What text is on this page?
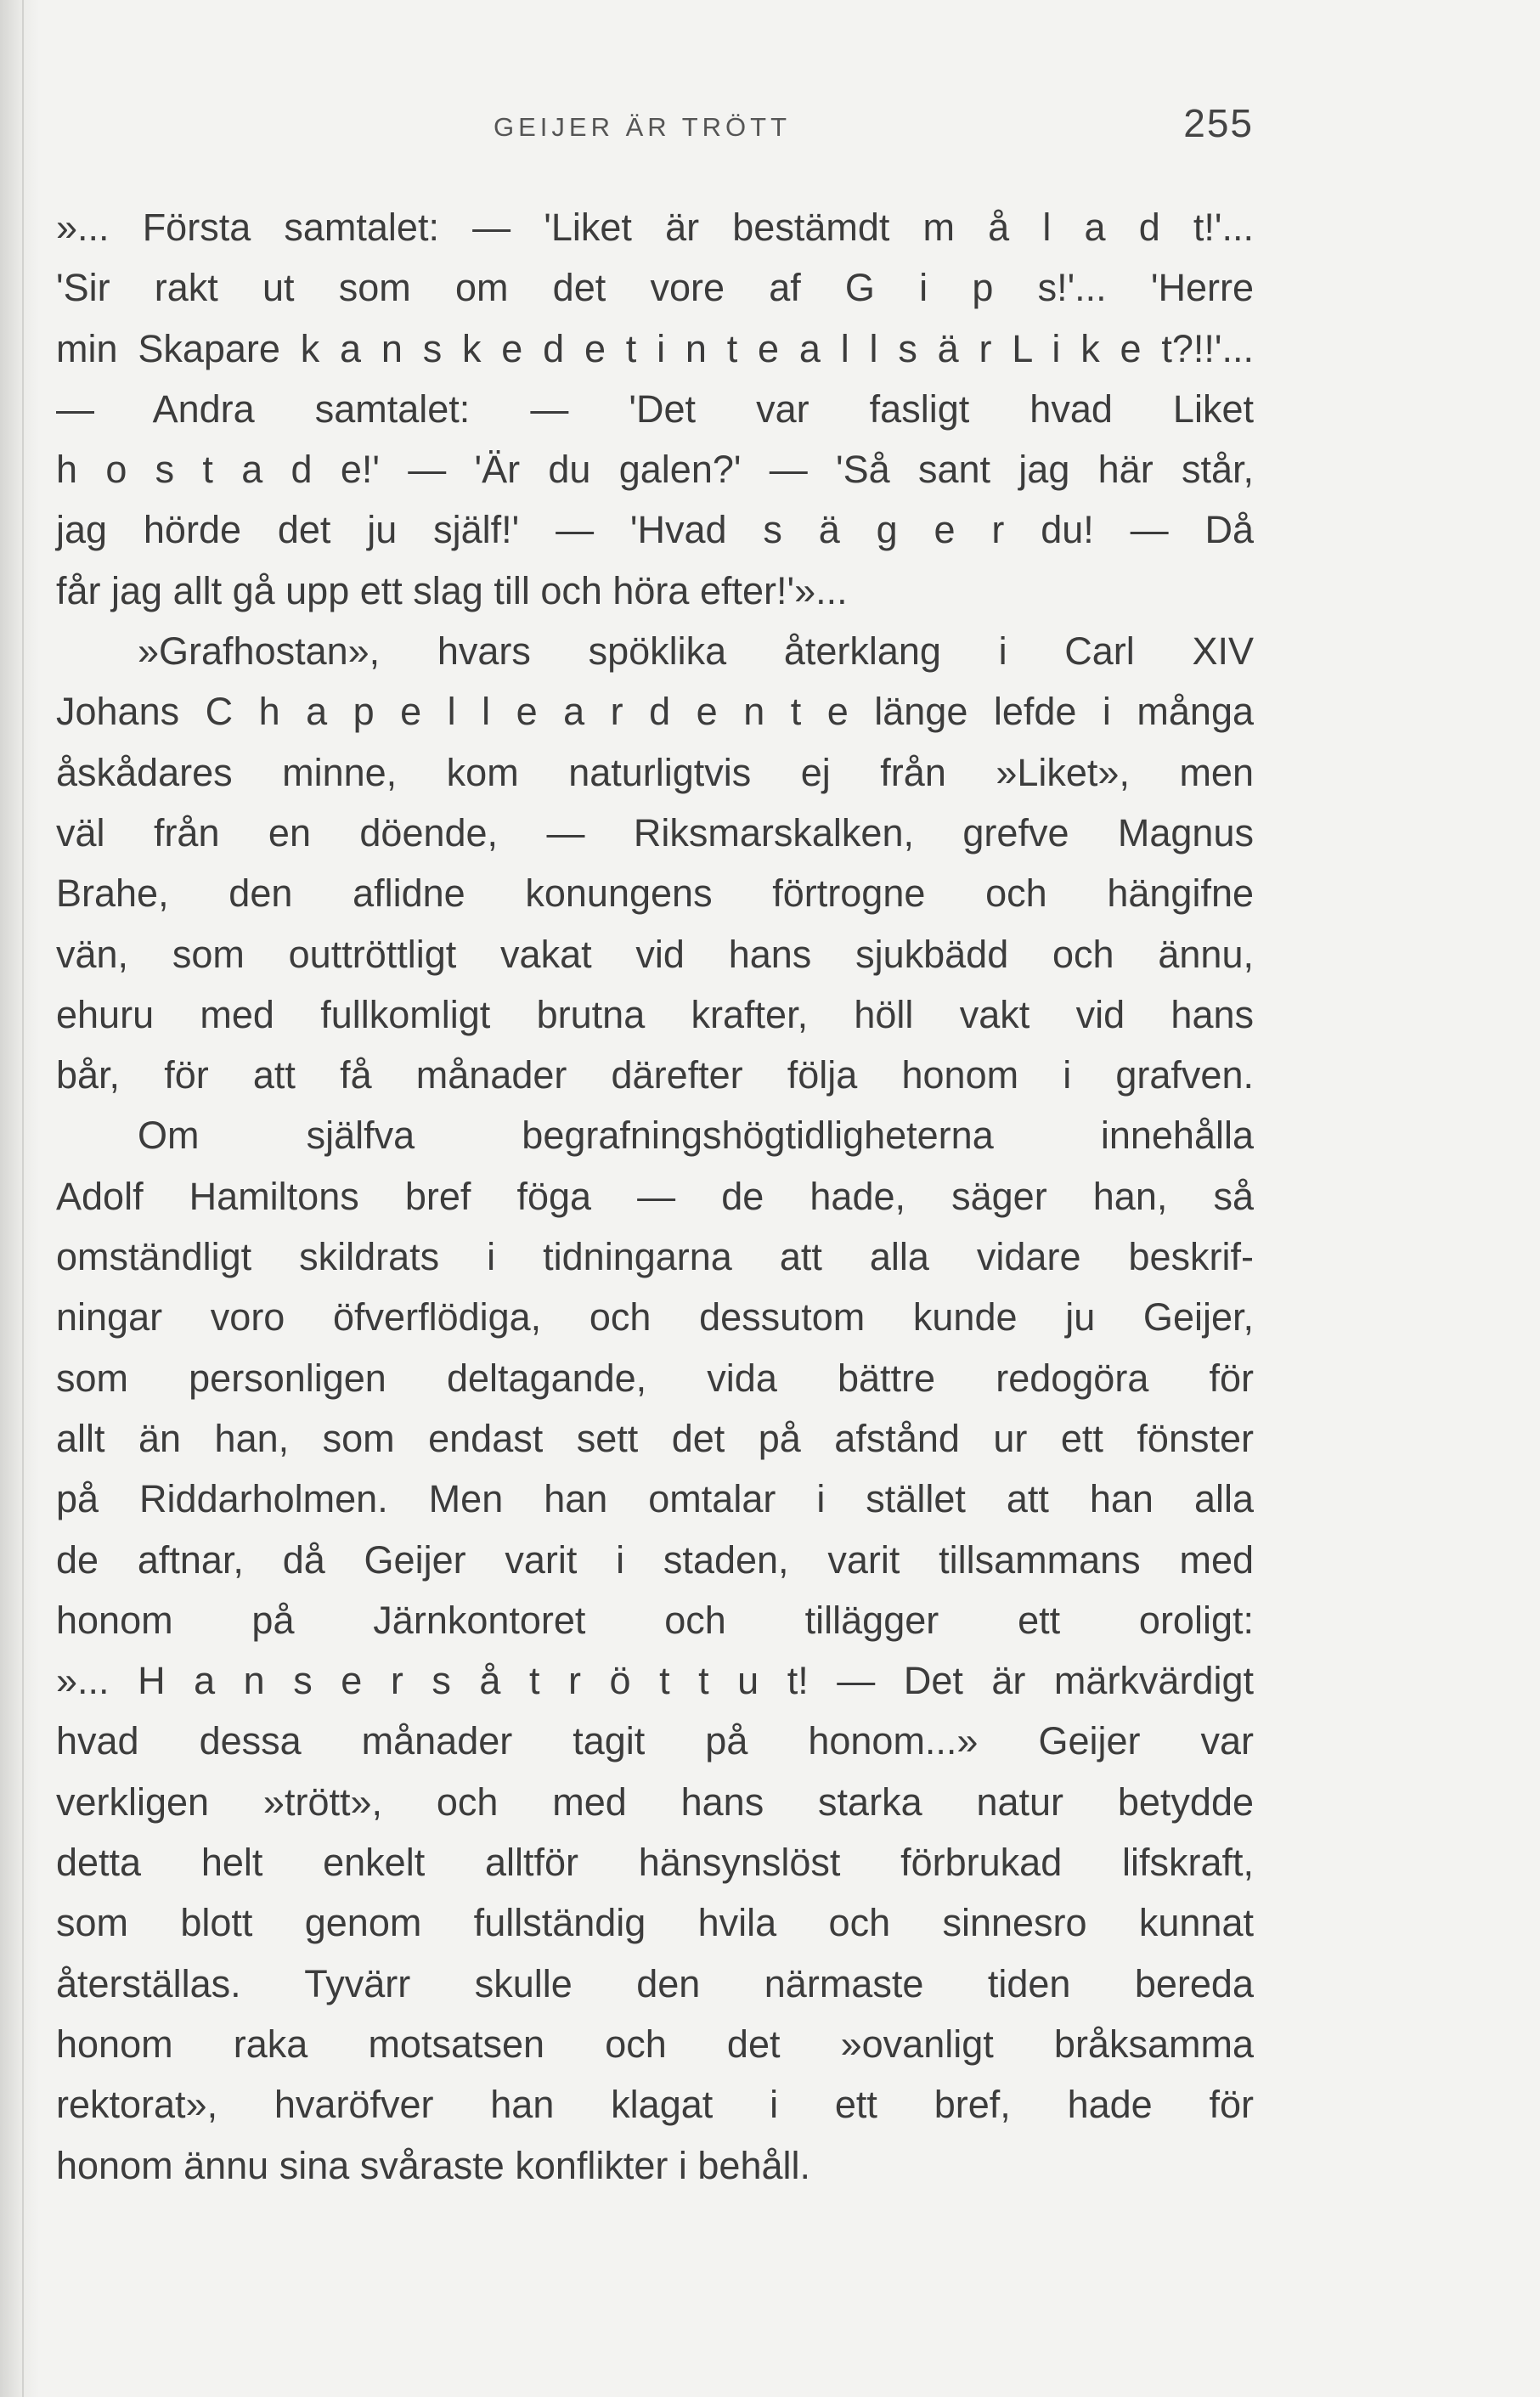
GEIJER ÄR TRÖTT	255
»... Första samtalet: — 'Liket är bestämdt m å l a d t!'...
'Sir rakt ut som om det vore af G i p s!'... 'Herre
min Skapare k a n s k e d e t i n t e a l l s ä r L i k e t?!!'...
— Andra samtalet: — 'Det var fasligt hvad Liket
h o s t a d e!' — 'Är du galen?' — 'Så sant jag här står,
jag hörde det ju själf!' — 'Hvad s ä g e r du! — Då
får jag allt gå upp ett slag till och höra efter!'»...
»Grafhostan», hvars spöklika återklang i Carl XIV
Johans C h a p e l l e a r d e n t e länge lefde i många
åskådares minne, kom naturligtvis ej från »Liket», men
väl från en döende, — Riksmarskalken, grefve Magnus
Brahe, den aflidne konungens förtrogne och hängifne
vän, som outtröttligt vakat vid hans sjukbädd och ännu,
ehuru med fullkomligt brutna krafter, höll vakt vid hans
bår, för att få månader därefter följa honom i grafven.
Om själfva begrafningshögtidligheterna innehålla
Adolf Hamiltons bref föga — de hade, säger han, så
omständligt skildrats i tidningarna att alla vidare beskrif-
ningar voro öfverflödiga, och dessutom kunde ju Geijer,
som personligen deltagande, vida bättre redogöra för
allt än han, som endast sett det på afstånd ur ett fönster
på Riddarholmen. Men han omtalar i stället att han alla
de aftnar, då Geijer varit i staden, varit tillsammans med
honom på Järnkontoret och tillägger ett oroligt:
»... H a n s e r s å t r ö t t u t! — Det är märkvärdigt
hvad dessa månader tagit på honom...» Geijer var
verkligen »trött», och med hans starka natur betydde
detta helt enkelt alltför hänsynslöst förbrukad lifskraft,
som blott genom fullständig hvila och sinnesro kunnat
återställas. Tyvärr skulle den närmaste tiden bereda
honom raka motsatsen och det »ovanligt bråksamma
rektorat», hvaröfver han klagat i ett bref, hade för
honom ännu sina svåraste konflikter i behåll.
